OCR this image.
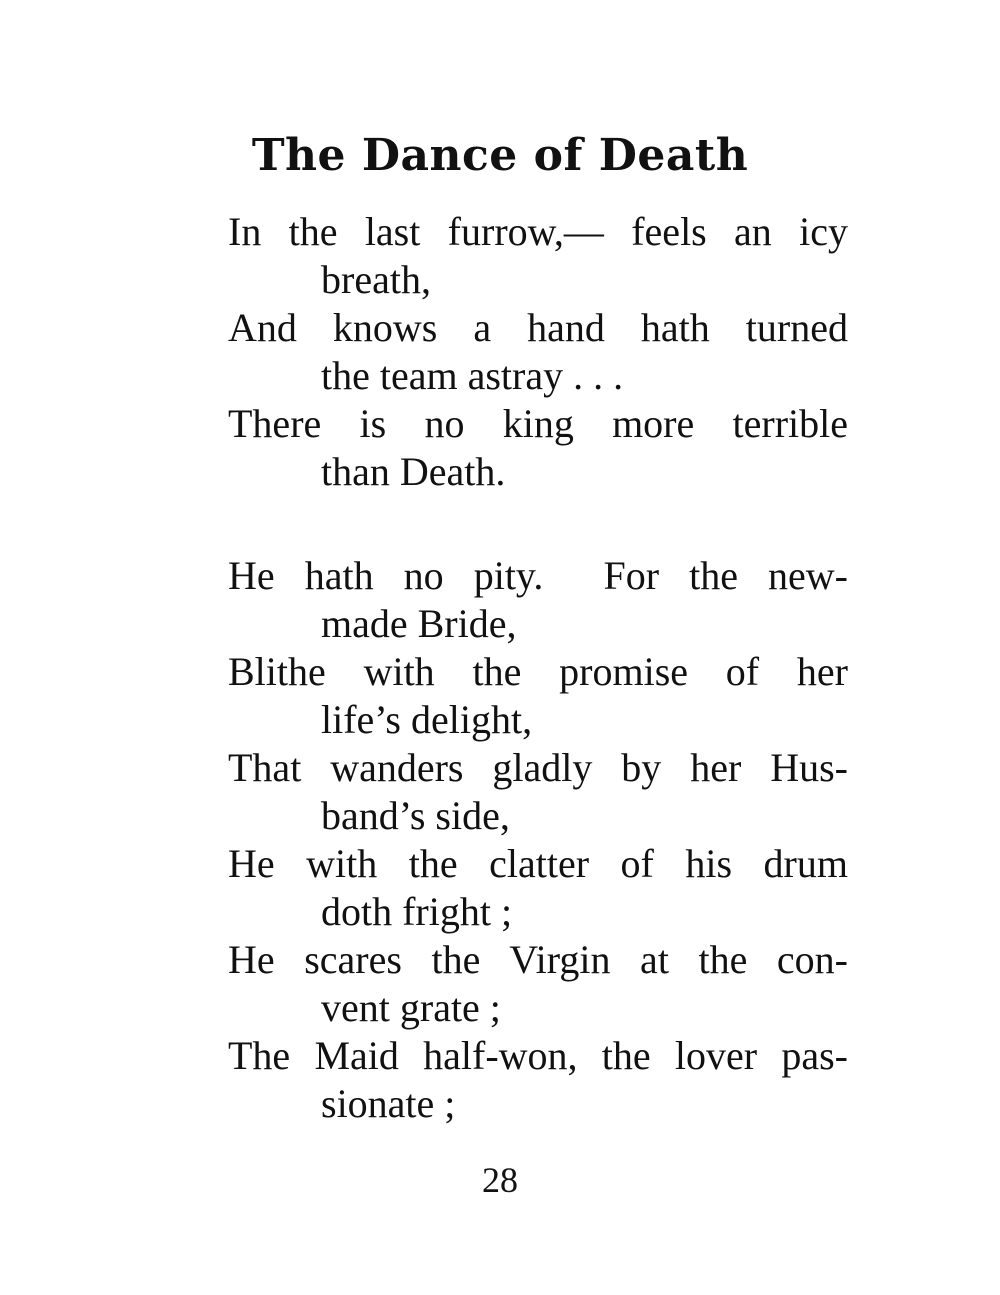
The Dance of Death

In the last furrow,— feels an icy
breath,

And knows a hand hath turned
the team astray . . .

There is no king more terrible
than Death.

He hath no pity.  For the new-
made Bride,

Blithe with the promise of her
life’s delight,

That wanders gladly by her Hus-
band’s side,

He with the clatter of his drum
doth fright ;

He scares the Virgin at the con-
vent grate ;

The Maid half-won, the lover pas-
sionate ;

28
